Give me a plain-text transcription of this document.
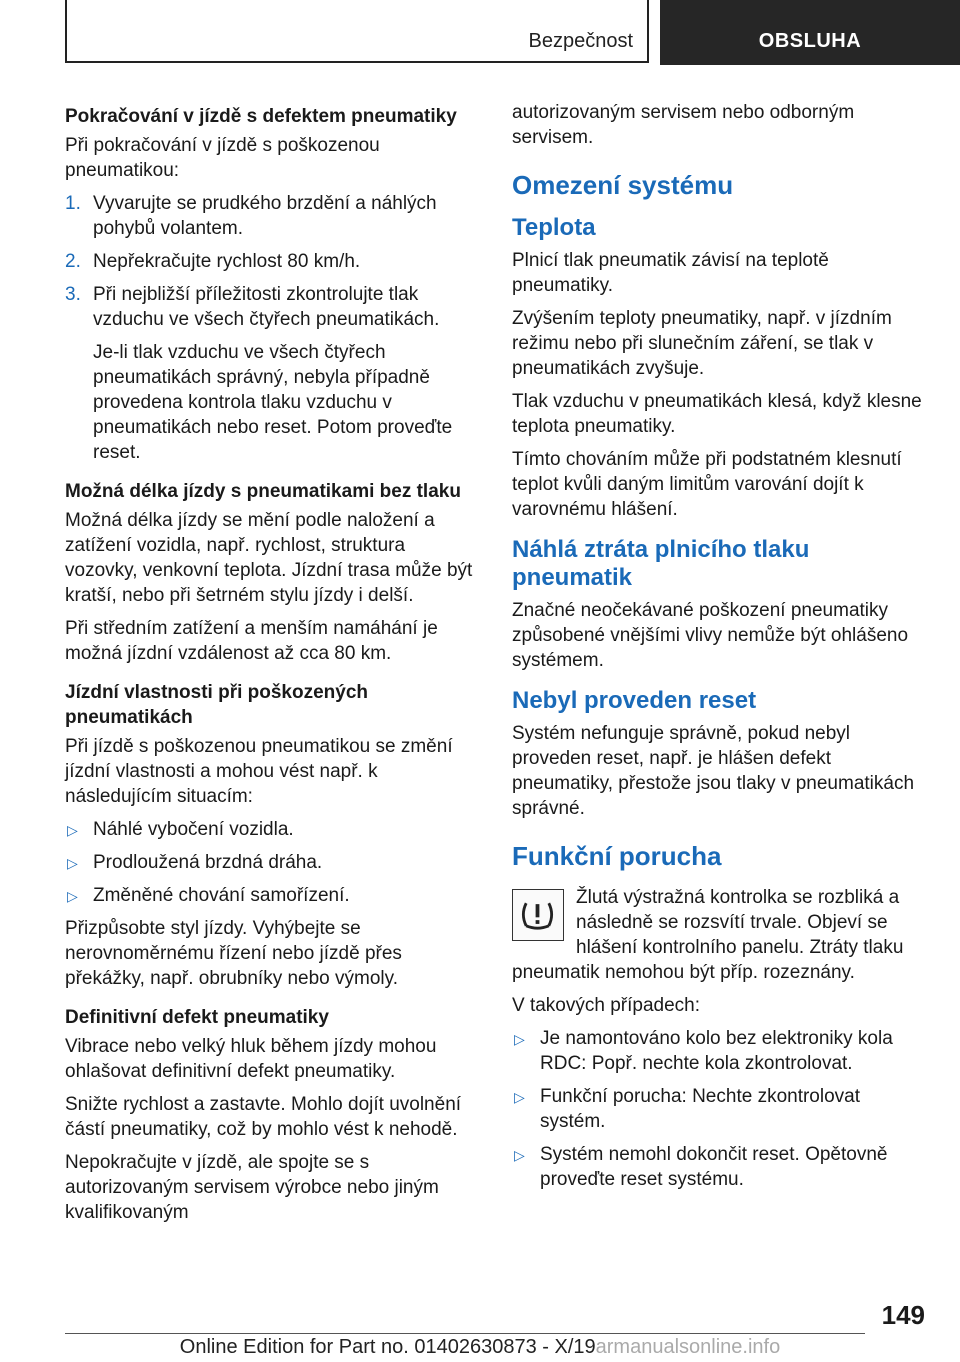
Bezpečnost	OBSLUHA
Pokračování v jízdě s defektem pneumatiky

Při pokračování v jízdě s poškozenou pneumatikou:

1. Vyvarujte se prudkého brzdění a náhlých pohybů volantem.
2. Nepřekračujte rychlost 80 km/h.
3. Při nejbližší příležitosti zkontrolujte tlak vzduchu ve všech čtyřech pneumatikách.

Je-li tlak vzduchu ve všech čtyřech pneumatikách správný, nebyla případně provedena kontrola tlaku vzduchu v pneumatikách nebo reset. Potom proveďte reset.

Možná délka jízdy s pneumatikami bez tlaku

Možná délka jízdy se mění podle naložení a zatížení vozidla, např. rychlost, struktura vozovky, venkovní teplota. Jízdní trasa může být kratší, nebo při šetrném stylu jízdy i delší.

Při středním zatížení a menším namáhání je možná jízdní vzdálenost až cca 80 km.

Jízdní vlastnosti při poškozených pneumatikách

Při jízdě s poškozenou pneumatikou se změní jízdní vlastnosti a mohou vést např. k následujícím situacím:

▷ Náhlé vybočení vozidla.
▷ Prodloužená brzdná dráha.
▷ Změněné chování samořízení.

Přizpůsobte styl jízdy. Vyhýbejte se nerovnoměrnému řízení nebo jízdě přes překážky, např. obrubníky nebo výmoly.

Definitivní defekt pneumatiky

Vibrace nebo velký hluk během jízdy mohou ohlašovat definitivní defekt pneumatiky.

Snižte rychlost a zastavte. Mohlo dojít uvolnění částí pneumatiky, což by mohlo vést k nehodě.

Nepokračujte v jízdě, ale spojte se s autorizovaným servisem výrobce nebo jiným kvalifikovaným

autorizovaným servisem nebo odborným servisem.

Omezení systému
Teplota

Plnicí tlak pneumatik závisí na teplotě pneumatiky.

Zvýšením teploty pneumatiky, např. v jízdním režimu nebo při slunečním záření, se tlak v pneumatikách zvyšuje.

Tlak vzduchu v pneumatikách klesá, když klesne teplota pneumatiky.

Tímto chováním může při podstatném klesnutí teplot kvůli daným limitům varování dojít k varovnému hlášení.

Náhlá ztráta plnicího tlaku pneumatik

Značné neočekávané poškození pneumatiky způsobené vnějšími vlivy nemůže být ohlášeno systémem.

Nebyl proveden reset

Systém nefunguje správně, pokud nebyl proveden reset, např. je hlášen defekt pneumatiky, přestože jsou tlaky v pneumatikách správné.

Funkční porucha

Žlutá výstražná kontrolka se rozbliká a následně se rozsvítí trvale. Objeví se hlášení kontrolního panelu. Ztráty tlaku pneumatik nemohou být příp. rozeznány.

V takových případech:

▷ Je namontováno kolo bez elektroniky kola RDC: Popř. nechte kola zkontrolovat.
▷ Funkční porucha: Nechte zkontrolovat systém.
▷ Systém nemohl dokončit reset. Opětovně proveďte reset systému.
149
Online Edition for Part no. 01402630873 - X/19armanualsonline.info
